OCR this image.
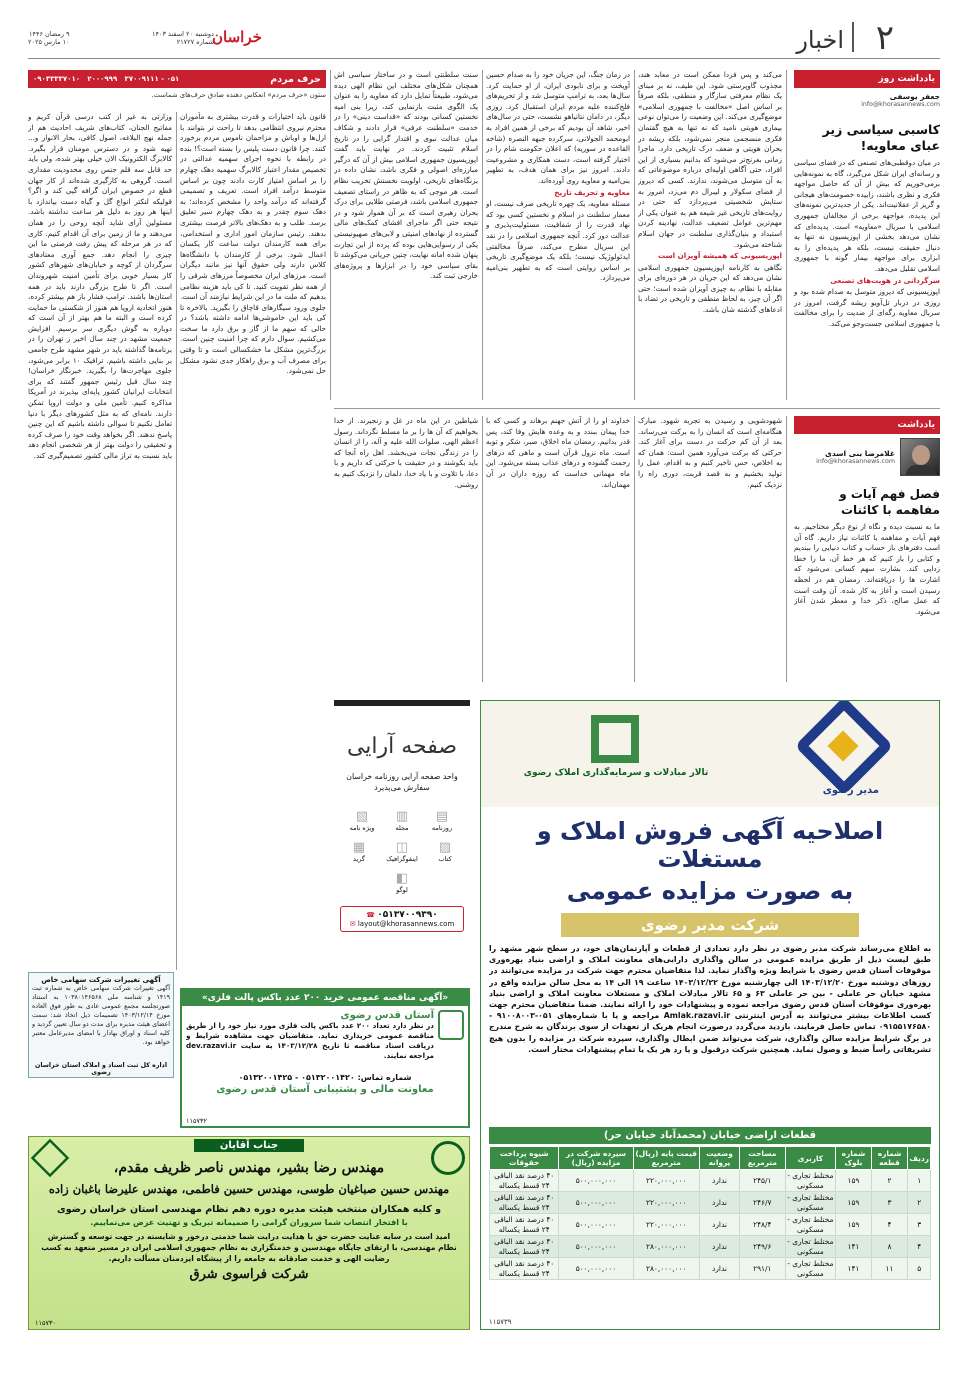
۲
اخبار
خراسان
دوشنبه ۲۰ اسفند ۱۴۰۳
شماره ۲۱۷۲۷
۹ رمضان ۱۴۴۶
۱۰ مارس ۲۰۲۵
یادداشت روز
جعفر یوسفی
info@khorasannews.com
کاسبی سیاسی زیر عبای معاویه!

در میان دوقطبی‌های تصنعی که در فضای سیاسی و رسانه‌ای ایران شکل می‌گیرد، گاه به نمونه‌هایی برمی‌خوریم که بیش از آن که حاصل مواجهه فکری و نظری باشند، زاییده خصومت‌های هیجانی و گریز از عقلانیت‌اند. یکی از جدیدترین نمونه‌های این پدیده، مواجهه برخی از مخالفان جمهوری اسلامی با سریال «معاویه» است. پدیده‌ای که نشان می‌دهد بخشی از اپوزیسیون نه تنها به دنبال حقیقت نیست، بلکه هر پدیده‌ای را به ابزاری برای مواجهه بیمار گونه با جمهوری اسلامی تقلیل می‌دهد.

سرگردانی در هویت‌های تصنعی

اپوزیسیونی که دیروز متوسل به صدام شده بود و روزی در دربار تل‌آویو ریشه گرفت، امروز در سریال معاویه رگه‌ای از ضدیت را برای مخالفت با جمهوری اسلامی جست‌وجو می‌کند.

می‌کند و پس فردا ممکن است در معابد هند، مجذوب گاوپرستی شود. این طیف، نه بر مبنای یک نظام معرفتی سازگار و منطقی، بلکه صرفاً بر اساس اصل «مخالفت با جمهوری اسلامی» موضع‌گیری می‌کند. این وضعیت را می‌توان نوعی بیماری هویتی نامید که نه تنها به هیچ گفتمان فکری منسجمی منجر نمی‌شود، بلکه ریشه در بحران هویتی و ضعف درک تاریخی دارد. ماجرا زمانی بغرنج‌تر می‌شود که بدانیم بسیاری از این افراد، حتی آگاهی اولیه‌ای درباره موضوعاتی که به آن متوسل می‌شوند، ندارند. کسی که دیروز از فضای سکولار و لیبرال دم می‌زد، امروز به ستایش شخصیتی می‌پردازد که حتی در روایت‌های تاریخی غیر شیعه هم به عنوان یکی از مهم‌ترین عوامل تضعیف عدالت، نهادینه کردن استبداد و بنیان‌گذاری سلطنت در جهان اسلام شناخته می‌شود.

اپوزیسیونی که همیشه آویزان است

نگاهی به کارنامه اپوزیسیون جمهوری اسلامی نشان می‌دهد که این جریان در هر دوره‌ای برای مقابله با نظام، به چیزی آویزان شده است؛ حتی اگر آن چیز، به لحاظ منطقی و تاریخی در تضاد با ادعاهای گذشته شان باشد.

در زمان جنگ، این جریان خود را به صدام حسین آویخت و برای نابودی ایران، از او حمایت کرد. سال‌ها بعد، به ترامپ متوسل شد و از تحریم‌های فلج‌کننده علیه مردم ایران استقبال کرد. روزی دیگر، در دامان نتانیاهو نشست، حتی در سال‌های اخیر، شاهد آن بودیم که برخی از همین افراد به ابومحمد الجولانی، سرکرده جبهه النصره (شاخه القاعده در سوریه) که اعلان حکومت شام را در اختیار گرفته است، دست همکاری و مشروعیت دادند. امروز نیز برای همان هدف، به تطهیر بنی‌امیه و معاویه روی آورده‌اند.

معاویه و تحریف تاریخ

مسئله معاویه، یک چهره تاریخی صرف نیست، او معمار سلطنت در اسلام و نخستین کسی بود که نهاد قدرت را از شفافیت، مسئولیت‌پذیری و عدالت دور کرد. آنچه جمهوری اسلامی را در نقد این سریال مطرح می‌کند، صرفاً مخالفتی ایدئولوژیک نیست؛ بلکه یک موضع‌گیری تاریخی بر اساس روایتی است که به تطهیر بنی‌امیه می‌پردازد.

سنت سلطنتی است و در ساختار سیاسی اش همچنان شکل‌های مختلف این نظام الهی دیده می‌شود، طبیعتاً تمایل دارد که معاویه را به عنوان یک الگوی مثبت بازنمایی کند، زیرا بنی امیه نخستین کسانی بودند که «قداست دینی» را در خدمت «سلطنت عرفی» قرار دادند و شکاف میان عدالت نبوی و اقتدار گرایی را در تاریخ اسلام تثبیت کردند. در نهایت باید گفت اپوزیسیون جمهوری اسلامی بیش از آن که درگیر مبارزه‌ای اصولی و فکری باشد، نشان داده در بزنگاه‌های تاریخی، اولویت نخستش تخریب نظام است. هر موجی که به ظاهر در راستای تضعیف جمهوری اسلامی باشد، فرصتی طلایی برای درک بحران رهبری است که بر آن هموار شود و در نتیجه حتی اگر ماجرای افشای کمک‌های مالی گسترده از نهادهای امنیتی و لابی‌های صهیونیستی یکی از رسوایی‌هایی بوده که پرده از این تجارت پنهان شده امانه نهایت، چنین جریانی می‌کوشد تا بقای سیاسی خود را در ابزارها و پروژه‌های خارجی ثبت کند.

حرف مردم
۰۹۰۳۳۳۳۷۰۱۰ ۲۰۰۰۹۹۹ ۳۷۰۰۹۱۱۱ - ۰۵۱
ستون «حرف مردم» انعکاس دهنده صادق حرف‌های شماست.

قانون باید اختیارات و قدرت بیشتری به مأموران محترم نیروی انتظامی بدهد تا راحت تر بتوانند با ارل‌ها و اوباش و مزاحمان ناموس مردم برخورد کنند. چرا قانون دست پلیس را بسته است؟! بنده در رابطه با نحوه اجرای سهمیه عدالتی در تخصیص مقدار اعتبار کالابرگ سهمیه دهک چهارم را بر اساس امتیاز کارت دادند چون بر اساس متوسط درآمد افراد است. تعریف و تصمیمی گرفته‌اند که درآمد واحد را مشخص کرده‌اند؛ به دهک سوم چقدر و به دهک چهارم سیر تعلیق برسد. طلب و به دهک‌های بالاتر فرصت بیشتری بدهند. رئیس سازمان امور اداری و استخدامی، برای همه کارمندان دولت ساعت کار یکسان اعمال شود. برخی از کارمندان با دانشگاه‌ها کلاس دارند ولی حقوق آنها نیز مانند دیگران است. مرزهای ایران مخصوصاً مرزهای شرقی را از همه نظر تقویت کنید. تا کی باید هزینه نظامی بدهیم که ملت ما در این شرایط نیازمند آن است. جلوی ورود سیگارهای قاچاق را بگیرید. بالاخره تا کی باید این خاموشی‌ها ادامه داشته باشد؟ در حالی که سهم ما از گاز و برق دارد ما سخت می‌کشیم. سوال دارم که چرا امنیت چنین است. بزرگ‌ترین مشکل ما خشکسالی است و تا وقتی برای مصرف آب و برق راهکار جدی نشود مشکل حل نمی‌شود.

وزارتی به غیر از کتب درسی قرآن کریم و مفاتیح الجنان، کتاب‌های شریف احادیث هم از جمله نهج البلاغه، اصول کافی، بحار الانوار و... تهیه شود و در دسترس مومنان قرار بگیرد. کالابرگ الکترونیک الان خیلی بهتر شده، ولی باید حد قابل سه قلم جنس روی محدودیت مقداری است. گروهی به کارگیری شده‌اند از کار جهان قطع در خصوص ایران گرافه گیی کند و اگر؟ قولیکه لنکتر انواع گل و گیاه دست بیاندازد با اینها هر روز به دلیل هر ساعت نداشته باشد. مسئولین آرای شاید آنچه روحی را در همان می‌دهند و ما از زمین برای آن اقدام کنیم. کاری که در هر مرحله که پیش رفت فرصتی ما این چیزی را انجام دهد. جمع آوری معتادهای سرگردان از کوچه و خیابان‌های شهرهای کشور کار بسیار خوبی برای تأمین امنیت شهروندان است. اگر تا طرح بزرگی دارند باید در همه استان‌ها باشند. ترامپ فشار باز هم بیشتر کرده، هنوز اتحادیه اروپا هم هنوز از شکستی ما حمایت کرده است و البته ما هم بهتر از آن است که دوباره به گوش دیگری سر برسیم. افزایش جمعیت مشهد در چند سال اخیر ز تهران را در برنامه‌ها گذاشته باید در شهر مشهد طرح جامعی بر بنایی داشته باشیم. ترافیک ۱۰ برابر می‌شود، جلوی مهاجرت‌ها را بگیرید. خبرنگار خراسان! چند سال قبل رئیس جمهور گفتند که برای انتخابات ایرانیان کشور پایه‌ای بپذیرند در آمریکا مذاکره کنیم. تأمین ملی و دولت اروپا تمکن دارند. نامه‌ای که به مثل کشورهای دیگر با دنیا تعامل نکنیم تا سوالی داشته باشیم که این چنین پاسخ ندهند. اگر بخواهد وقت خود را صرف کرده و تحقیقی را دولت بهتر از هر شخصی انجام دهد باید نسبت به تراز مالی کشور تصمیم‌گیری کند.

آگهی تغییرات شرکت سهامی خاص
آگهی تغییرات شرکت سهامی خاص به شماره ثبت ۱۴۱۹ و شناسه ملی ۱۰۳۸۰۱۴۶۵۶۸ به استناد صورتجلسه مجمع عمومی عادی به طور فوق العاده مورخ ۱۴۰۳/۱۲/۱۴ تصمیمات ذیل اتخاذ شد: سمت اعضای هیئت مدیره برای مدت دو سال تعیین گردید و کلیه اسناد و اوراق بهادار با امضای مدیرعامل معتبر خواهد بود.
اداره کل ثبت اسناد و املاک استان خراسان رضوی
یادداشت
غلامرضا بنی اسدی
info@khorasannews.com
فصل فهم آیات و مفاهمه با کائنات
ما به نسبت دیده و نگاه از نوع دیگر مختاجیم. به فهم آیات و مفاهمه با کائنات نیاز داریم. گاه آن اسب دفترهای باز حساب و کتاب دنیایی را ببندیم و کتابی را باز کنیم که هر خط آن، ما را خطا زدایی کند. بشارت سهم کسانی می‌شود که اشارت ها را دریافته‌اند. رمضان هم در لحظه رسیدن است و آغاز به کار شده. آن وقت است که عمل صالح، ذکر خدا و معطر شدن آغاز می‌شود.
شهودشویی و رسیدن به تجربه شهود. مبارک هنگامه‌ای است که انسان را به برکت می‌رساند. بعد از آن کم حرکت در دست برای آغاز کند. حرکتی که برکت می‌آورد همین است: همان که به اخلاص، حس تاخیر کنیم و به اقدام، عمل را تولید بخشیم و به قصد قربت، دوری راه را نزدیک کنیم.
خداوند او را از آتش جهنم برهاند و کسی که با خدا پیمان ببندد و به وعده هایش وفا کند، پس قدر بدانیم. رمضان ماه اخلاق، صبر، شکر و توبه است. ماه نزول قرآن است و ماهی که درهای رحمت گشوده و درهای عذاب بسته می‌شود. این ماه مهمانی خداست که روزه داران در آن مهمان‌اند.
شیاطین در این ماه در غل و زنجیرند. از خدا بخواهیم که آن ها را بر ما مسلط نگرداند. رسول اعظم الهی، صلوات الله علیه و آله، را از انسان را در زندگی نجات می‌بخشد. اهل راه آنجا که باید بکوشند و در حقیقت با حرکتی که داریم و با دعا، با تلاوت و با یاد خدا، دلمان را نزدیک کنیم به روشنی.
صفحه آرایی
واحد صفحه آرایی روزنامه خراسان سفارش می‌پذیرد
▤
روزنامه
▥
مجله
▧
ویژه نامه
▨
کتاب
◫
اینفوگرافیک
▦
گرید
◧
لوگو
☎ ۰۵۱۳۷۰۰۹۳۹۰
✉ layout@khorasannews.com
مدیر رضوی
تالار مبادلات و سرمایه‌گذاری املاک رضوی
اصلاحیه آگهی فروش املاک و مستغلات
به صورت مزایده عمومی
شرکت مدبر رضوی
به اطلاع می‌رساند شرکت مدبر رضوی در نظر دارد تعدادی از قطعات و آپارتمان‌های خود، در سطح شهر مشهد را طبق لیست ذیل از طریق مزایده عمومی در سالن واگذاری دارایی‌های معاونت املاک و اراضی بنیاد بهره‌وری موقوفات آستان قدس رضوی با شرایط ویژه واگذار نماید. لذا متقاضیان محترم جهت شرکت در مزایده می‌توانند در روزهای دوشنبه مورخ ۱۴۰۳/۱۲/۲۰ الی چهارشنبه مورخ ۱۴۰۳/۱۲/۲۲ ساعت ۱۹ الی ۱۴ به محل سالن مزایده واقع در مشهد خیابان حر عاملی - بین حر عاملی ۶۳ و ۶۵ تالار مبادلات املاک و مستغلات معاونت املاک و اراضی بنیاد بهره‌وری موقوفات آستان قدس رضوی مراجعه نموده و پیشنهادات خود را ارائه نمایند. ضمنا متقاضیان محترم جهت کسب اطلاعات بیشتر می‌توانند به آدرس اینترنتی Amlak.razavi.ir مراجعه و یا با شماره‌های ۰۵۱-۹۱۰۰۸۰۰۳ - ۰۹۱۵۵۱۷۶۵۸۰ تماس حاصل فرمایند. بازدید می‌گردد درصورت انجام هریک از تعهدات از سوی برندگان به شرح مندرج در برگ شرایط مزایده سالن واگذاری، شرکت می‌تواند ضمن ابطال واگذاری، سپرده شرکت در مزایده را بدون هیچ تشریفاتی رأساً ضبط و وصول نماید. همچنین شرکت درقبول و یا رد هر یک یا تمام پیشنهادات مختار است.
قطعات اراضی خیابان (محمدآباد خیابان حر)
ردیف	شماره قطعه	شماره بلوک	کاربری	مساحت مترمربع	وضعیت پروانه	قیمت پایه (ریال) مترمربع	سپرده شرکت در مزایده (ریال)	شیوه پرداخت حقوقات
۱	۲	۱۵۹	مختلط تجاری - مسکونی	۲۴۵/۱	ندارد	۲۲۰,۰۰۰,۰۰۰	۵۰۰,۰۰۰,۰۰۰	۴۰ درصد نقد الباقی ۲۴ قسط یکساله
۲	۳	۱۵۹	مختلط تجاری - مسکونی	۲۴۶/۷	ندارد	۲۲۰,۰۰۰,۰۰۰	۵۰۰,۰۰۰,۰۰۰	۴۰ درصد نقد الباقی ۲۴ قسط یکساله
۳	۴	۱۵۹	مختلط تجاری - مسکونی	۲۴۸/۴	ندارد	۲۲۰,۰۰۰,۰۰۰	۵۰۰,۰۰۰,۰۰۰	۴۰ درصد نقد الباقی ۲۴ قسط یکساله
۴	۸	۱۴۱	مختلط تجاری - مسکونی	۲۴۹/۶	ندارد	۲۸۰,۰۰۰,۰۰۰	۵۰۰,۰۰۰,۰۰۰	۴۰ درصد نقد الباقی ۲۴ قسط یکساله
۵	۱۱	۱۴۱	مختلط تجاری - مسکونی	۲۹۱/۱	ندارد	۲۸۰,۰۰۰,۰۰۰	۵۰۰,۰۰۰,۰۰۰	۴۰ درصد نقد الباقی ۲۴ قسط یکساله
۱۱۵۷۳۹
«آگهی مناقصه عمومی خرید ۲۰۰ عدد باکس پالت فلزی»
آستان قدس رضوی
در نظر دارد تعداد ۲۰۰ عدد باکس پالت فلزی مورد نیاز خود را از طریق مناقصه عمومی خریداری نماید. متقاضیان جهت مشاهده شرایط و دریافت اسناد مناقصه تا تاریخ ۱۴۰۳/۱۲/۲۸ به سایت dev.razavi.ir مراجعه نمایند.
شماره تماس: ۰۵۱۳۲۰۰۱۴۲۰ - ۰۵۱۳۲۰۰۱۴۲۵
معاونت مالی و پشتیبانی آستان قدس رضوی
۱۱۵۷۳۲
جناب آقایان
مهندس رضا بشیر، مهندس ناصر ظریف مقدم،
مهندس حسین صباغیان طوسی، مهندس حسین فاطمی، مهندس علیرضا باغبان زاده
و کلیه همکاران منتخب هیئت مدیره دوره دهم نظام مهندسی استان خراسان رضوی
با افتخار انتصاب شما سروران گرامی را صمیمانه تبریک و تهنیت عرض می‌نماییم.
امید است در سایه عنایت حضرت حق با هدایت درایت شما خدمتی درخور و شایسته در جهت توسعه و گسترش نظام مهندسی، با ارتقای جایگاه مهندسین و خدمتگزاری به نظام جمهوری اسلامی ایران در مسیر متعهد به کسب رضایت الهی و خدمت صادقانه به جامعه را از پیشگاه ایزدمنان مسألت داریم.
شرکت فراسوی شرق
۱۱۵۷۳۰
